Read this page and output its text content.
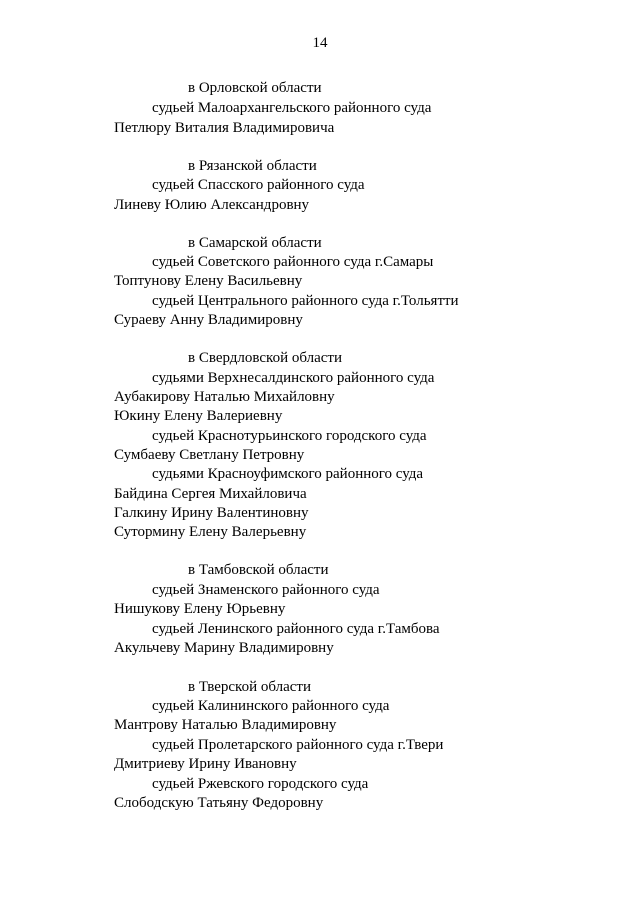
14
в Орловской области
судьей Малоархангельского районного суда
Петлюру Виталия Владимировича
в Рязанской области
судьей Спасского районного суда
Линеву Юлию Александровну
в Самарской области
судьей Советского районного суда г.Самары
Топтунову Елену Васильевну
судьей Центрального районного суда г.Тольятти
Сураеву Анну Владимировну
в Свердловской области
судьями Верхнесалдинского районного суда
Аубакирову Наталью Михайловну
Юкину Елену Валериевну
судьей Краснотурьинского городского суда
Сумбаеву Светлану Петровну
судьями Красноуфимского районного суда
Байдина Сергея Михайловича
Галкину Ирину Валентиновну
Сутормину Елену Валерьевну
в Тамбовской области
судьей Знаменского районного суда
Нишукову Елену Юрьевну
судьей Ленинского районного суда г.Тамбова
Акульчеву Марину Владимировну
в Тверской области
судьей Калининского районного суда
Мантрову Наталью Владимировну
судьей Пролетарского районного суда г.Твери
Дмитриеву Ирину Ивановну
судьей Ржевского городского суда
Слободскую Татьяну Федоровну
